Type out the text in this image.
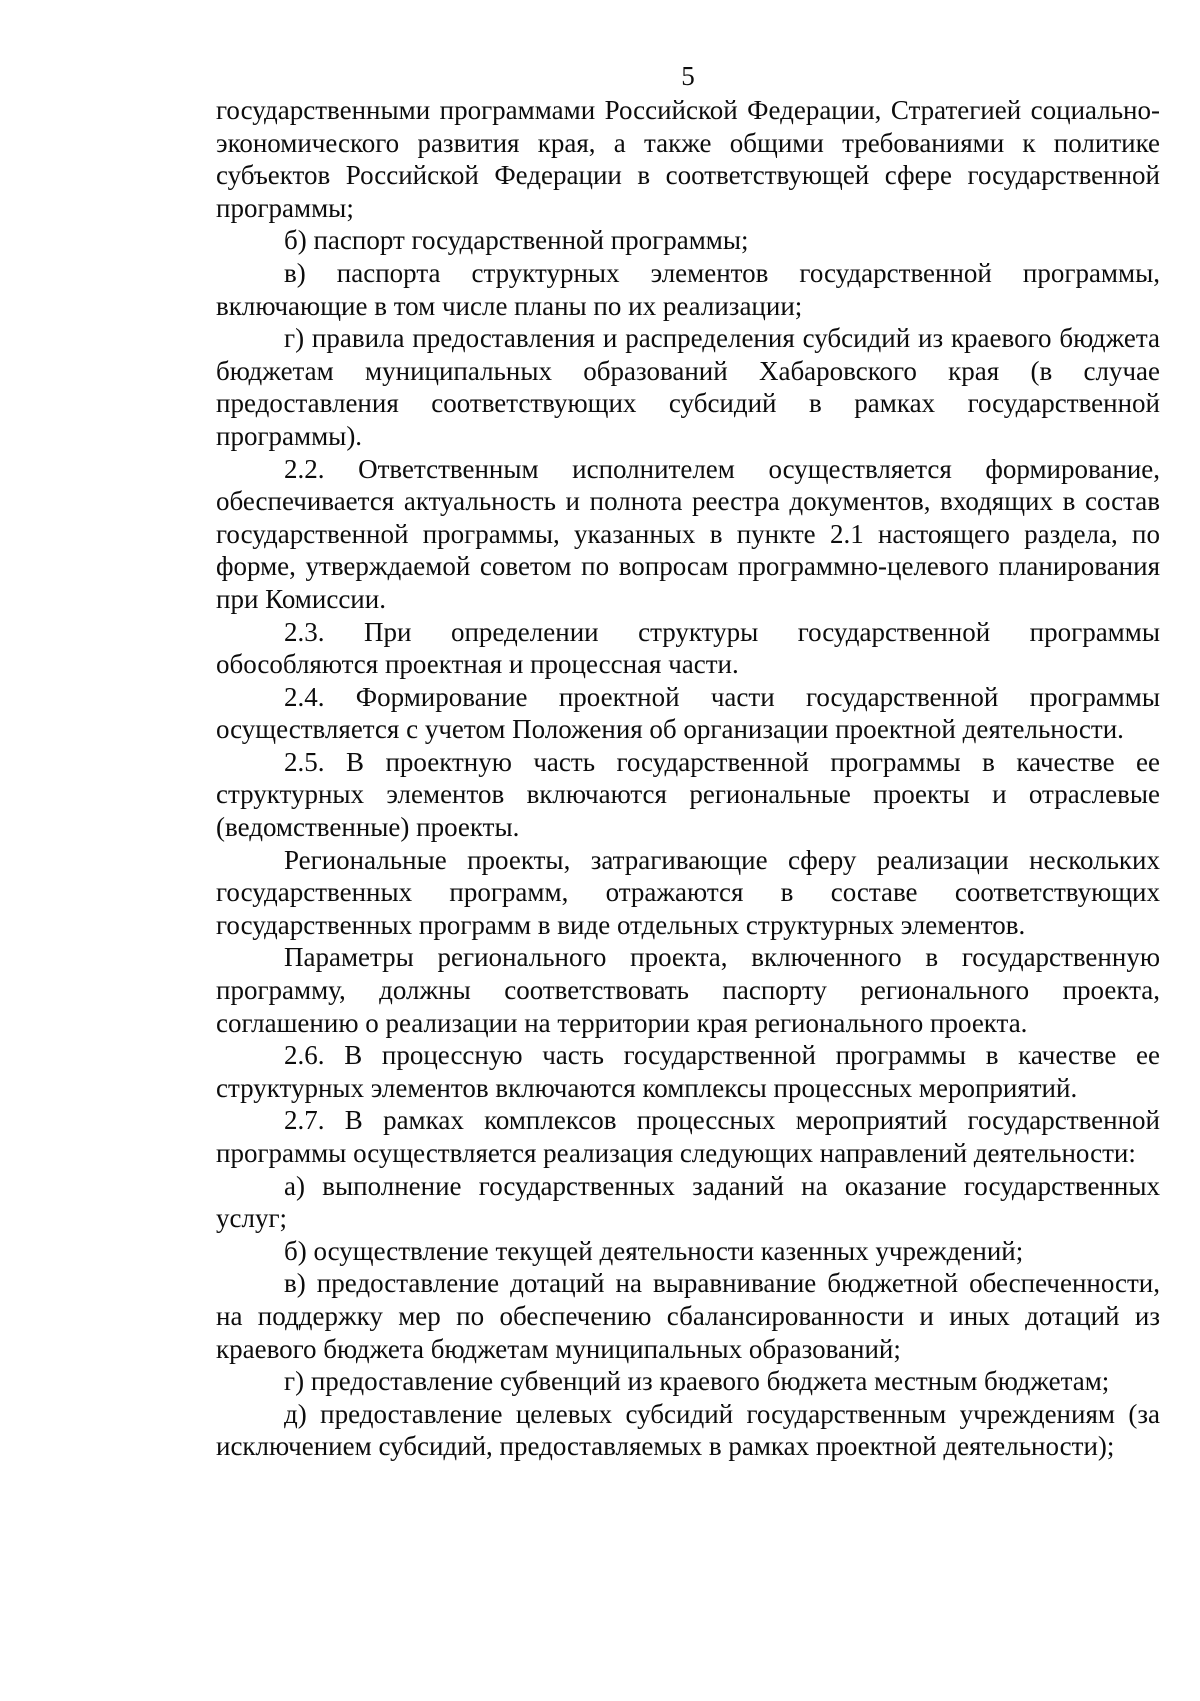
5

государственными программами Российской Федерации, Стратегией социально-экономического развития края, а также общими требованиями к политике субъектов Российской Федерации в соответствующей сфере государственной программы;

б) паспорт государственной программы;

в) паспорта структурных элементов государственной программы, включающие в том числе планы по их реализации;

г) правила предоставления и распределения субсидий из краевого бюджета бюджетам муниципальных образований Хабаровского края (в случае предоставления соответствующих субсидий в рамках государственной программы).

2.2. Ответственным исполнителем осуществляется формирование, обеспечивается актуальность и полнота реестра документов, входящих в состав государственной программы, указанных в пункте 2.1 настоящего раздела, по форме, утверждаемой советом по вопросам программно-целевого планирования при Комиссии.

2.3. При определении структуры государственной программы обособляются проектная и процессная части.

2.4. Формирование проектной части государственной программы осуществляется с учетом Положения об организации проектной деятельности.

2.5. В проектную часть государственной программы в качестве ее структурных элементов включаются региональные проекты и отраслевые (ведомственные) проекты.

Региональные проекты, затрагивающие сферу реализации нескольких государственных программ, отражаются в составе соответствующих государственных программ в виде отдельных структурных элементов.

Параметры регионального проекта, включенного в государственную программу, должны соответствовать паспорту регионального проекта, соглашению о реализации на территории края регионального проекта.

2.6. В процессную часть государственной программы в качестве ее структурных элементов включаются комплексы процессных мероприятий.

2.7. В рамках комплексов процессных мероприятий государственной программы осуществляется реализация следующих направлений деятельности:

а) выполнение государственных заданий на оказание государственных услуг;

б) осуществление текущей деятельности казенных учреждений;

в) предоставление дотаций на выравнивание бюджетной обеспеченности, на поддержку мер по обеспечению сбалансированности и иных дотаций из краевого бюджета бюджетам муниципальных образований;

г) предоставление субвенций из краевого бюджета местным бюджетам;

д) предоставление целевых субсидий государственным учреждениям (за исключением субсидий, предоставляемых в рамках проектной деятельности);
